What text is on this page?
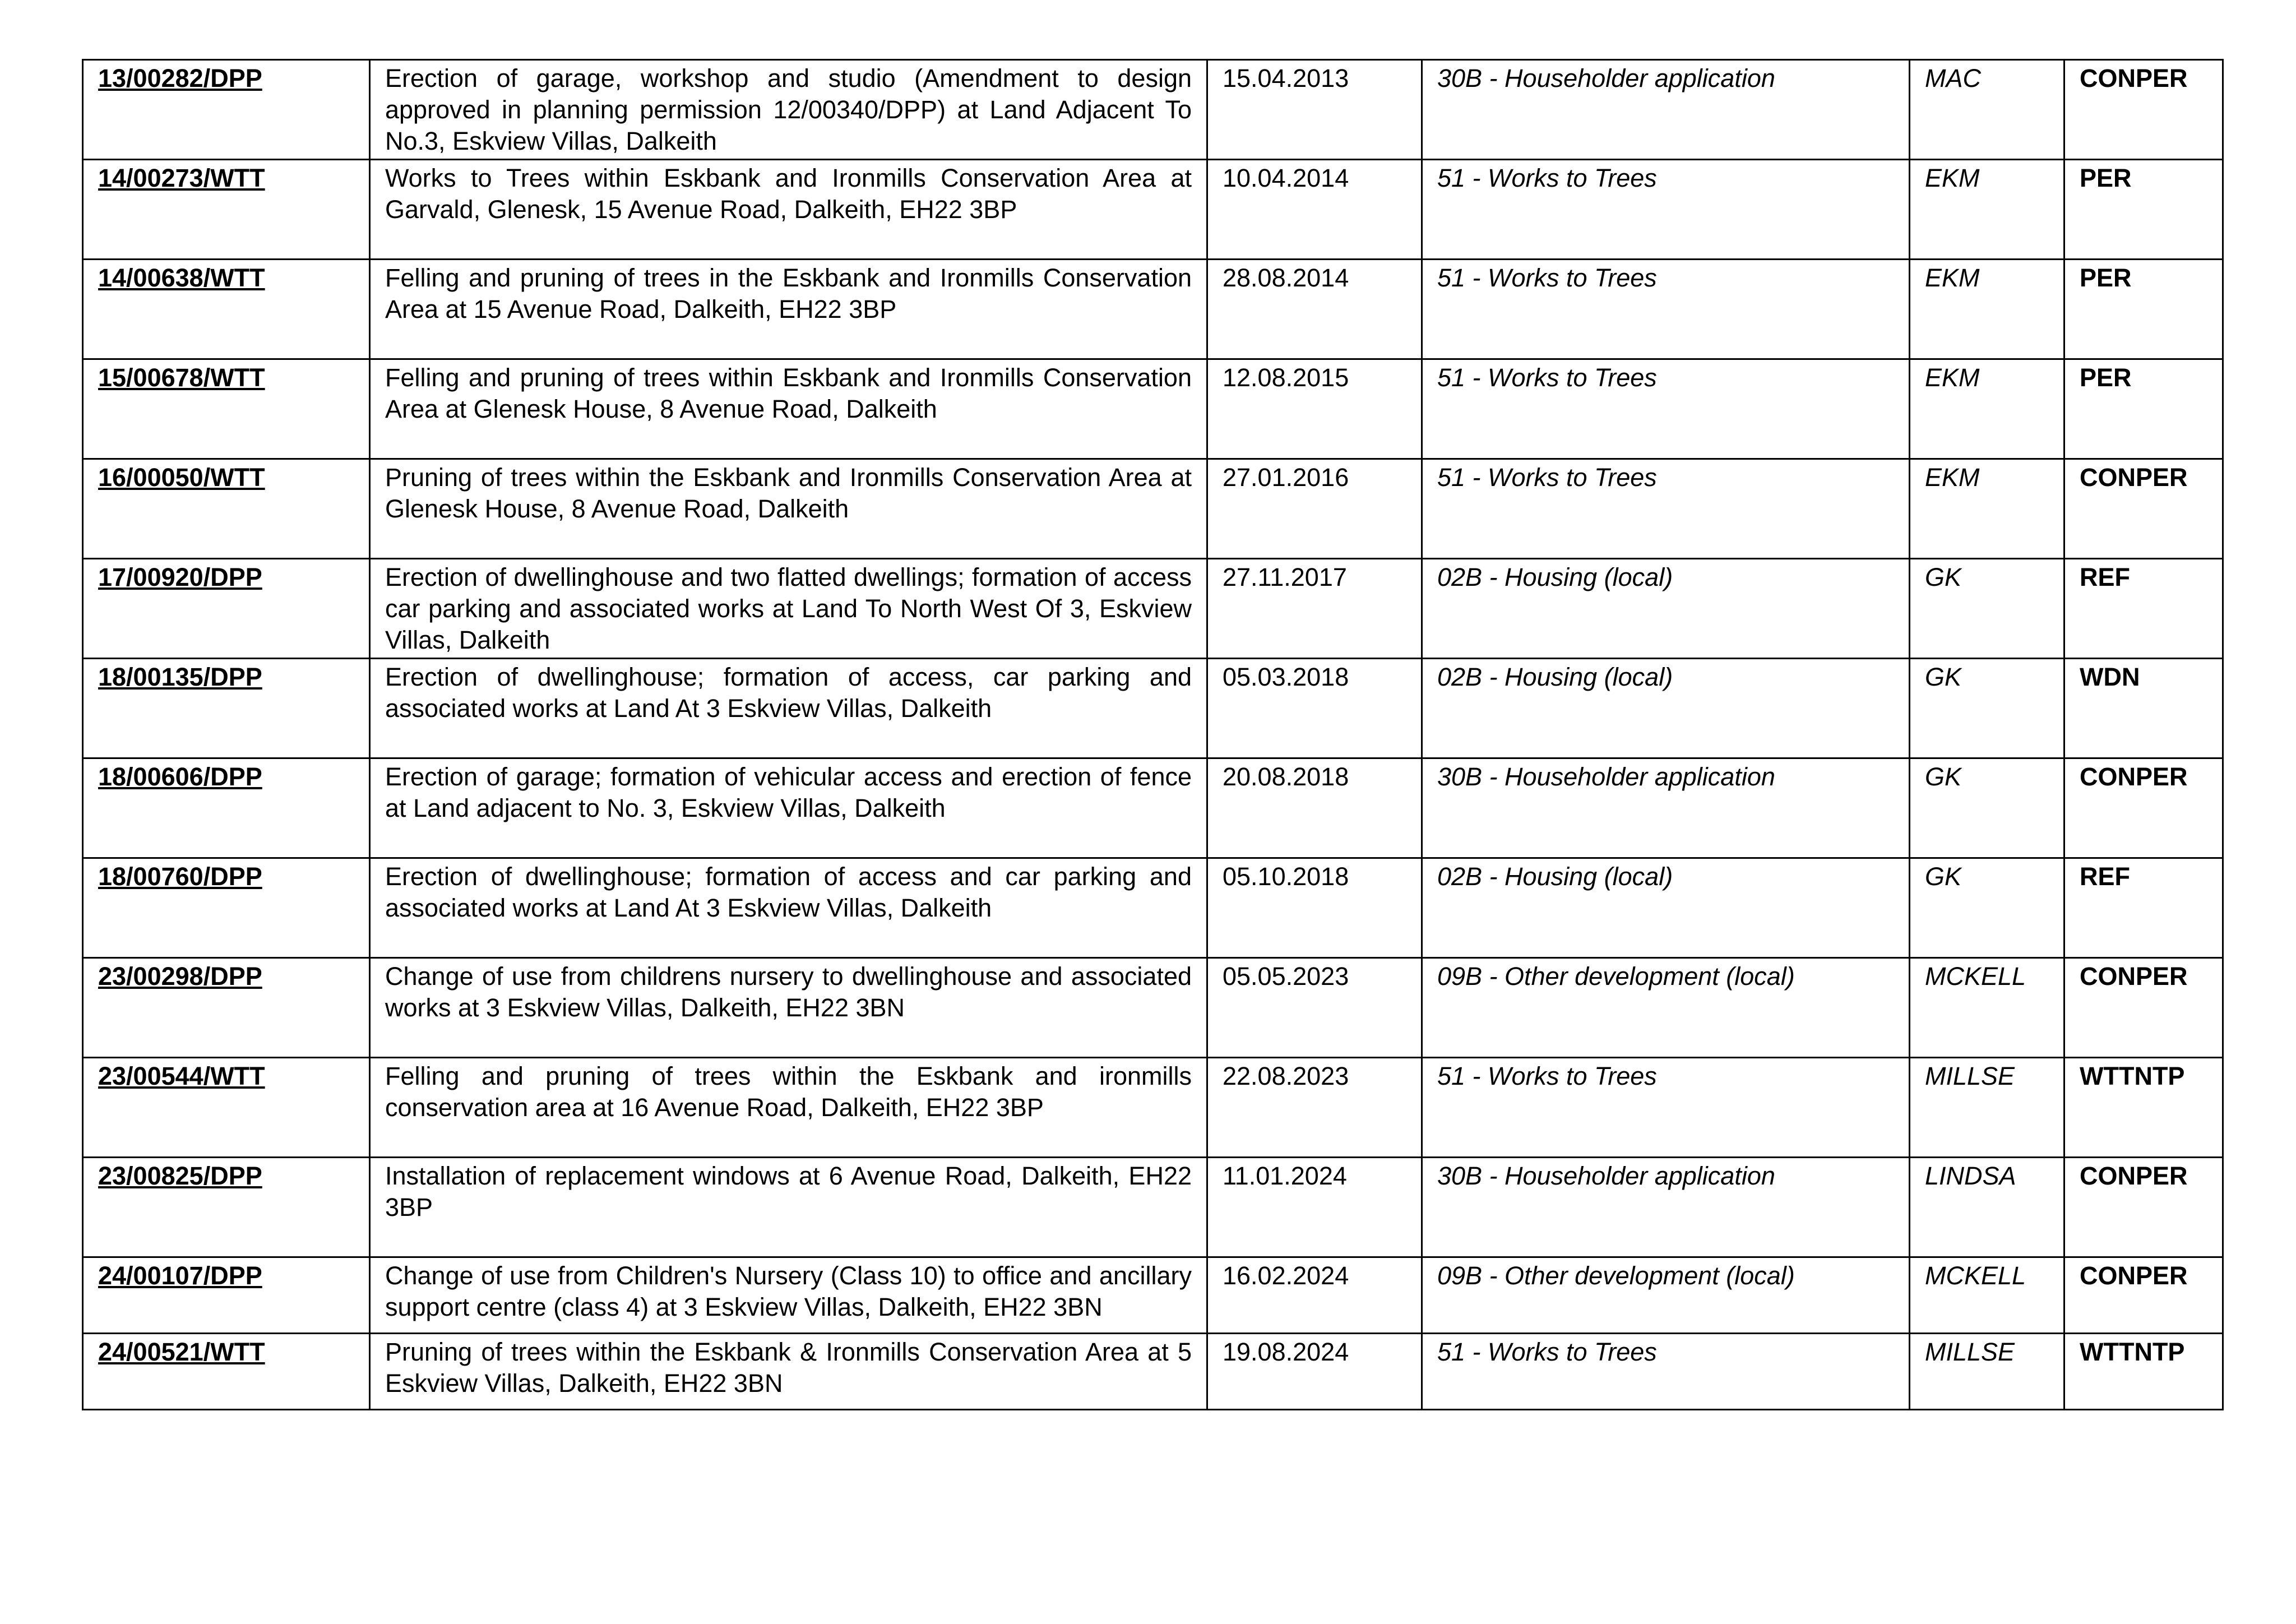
13/00282/DPP	Erection of garage, workshop and studio (Amendment to design approved in planning permission 12/00340/DPP) at Land Adjacent To No.3, Eskview Villas, Dalkeith	15.04.2013	30B - Householder application	MAC	CONPER
14/00273/WTT	Works to Trees within Eskbank and Ironmills Conservation Area at Garvald, Glenesk, 15 Avenue Road, Dalkeith, EH22 3BP	10.04.2014	51 - Works to Trees	EKM	PER
14/00638/WTT	Felling and pruning of trees in the Eskbank and Ironmills Conservation Area at 15 Avenue Road, Dalkeith, EH22 3BP	28.08.2014	51 - Works to Trees	EKM	PER
15/00678/WTT	Felling and pruning of trees within Eskbank and Ironmills Conservation Area at Glenesk House, 8 Avenue Road, Dalkeith	12.08.2015	51 - Works to Trees	EKM	PER
16/00050/WTT	Pruning of trees within the Eskbank and Ironmills Conservation Area at Glenesk House, 8 Avenue Road, Dalkeith	27.01.2016	51 - Works to Trees	EKM	CONPER
17/00920/DPP	Erection of dwellinghouse and two flatted dwellings; formation of access car parking and associated works at Land To North West Of 3, Eskview Villas, Dalkeith	27.11.2017	02B - Housing (local)	GK	REF
18/00135/DPP	Erection of dwellinghouse; formation of access, car parking and associated works at Land At 3 Eskview Villas, Dalkeith	05.03.2018	02B - Housing (local)	GK	WDN
18/00606/DPP	Erection of garage; formation of vehicular access and erection of fence at Land adjacent to No. 3, Eskview Villas, Dalkeith	20.08.2018	30B - Householder application	GK	CONPER
18/00760/DPP	Erection of dwellinghouse; formation of access and car parking and associated works at Land At 3 Eskview Villas, Dalkeith	05.10.2018	02B - Housing (local)	GK	REF
23/00298/DPP	Change of use from childrens nursery to dwellinghouse and associated works at 3 Eskview Villas, Dalkeith, EH22 3BN	05.05.2023	09B - Other development (local)	MCKELL	CONPER
23/00544/WTT	Felling and pruning of trees within the Eskbank and ironmills conservation area at 16 Avenue Road, Dalkeith, EH22 3BP	22.08.2023	51 - Works to Trees	MILLSE	WTTNTP
23/00825/DPP	Installation of replacement windows at 6 Avenue Road, Dalkeith, EH22 3BP	11.01.2024	30B - Householder application	LINDSA	CONPER
24/00107/DPP	Change of use from Children's Nursery (Class 10) to office and ancillary support centre (class 4) at 3 Eskview Villas, Dalkeith, EH22 3BN	16.02.2024	09B - Other development (local)	MCKELL	CONPER
24/00521/WTT	Pruning of trees within the Eskbank & Ironmills Conservation Area at 5 Eskview Villas, Dalkeith, EH22 3BN	19.08.2024	51 - Works to Trees	MILLSE	WTTNTP
